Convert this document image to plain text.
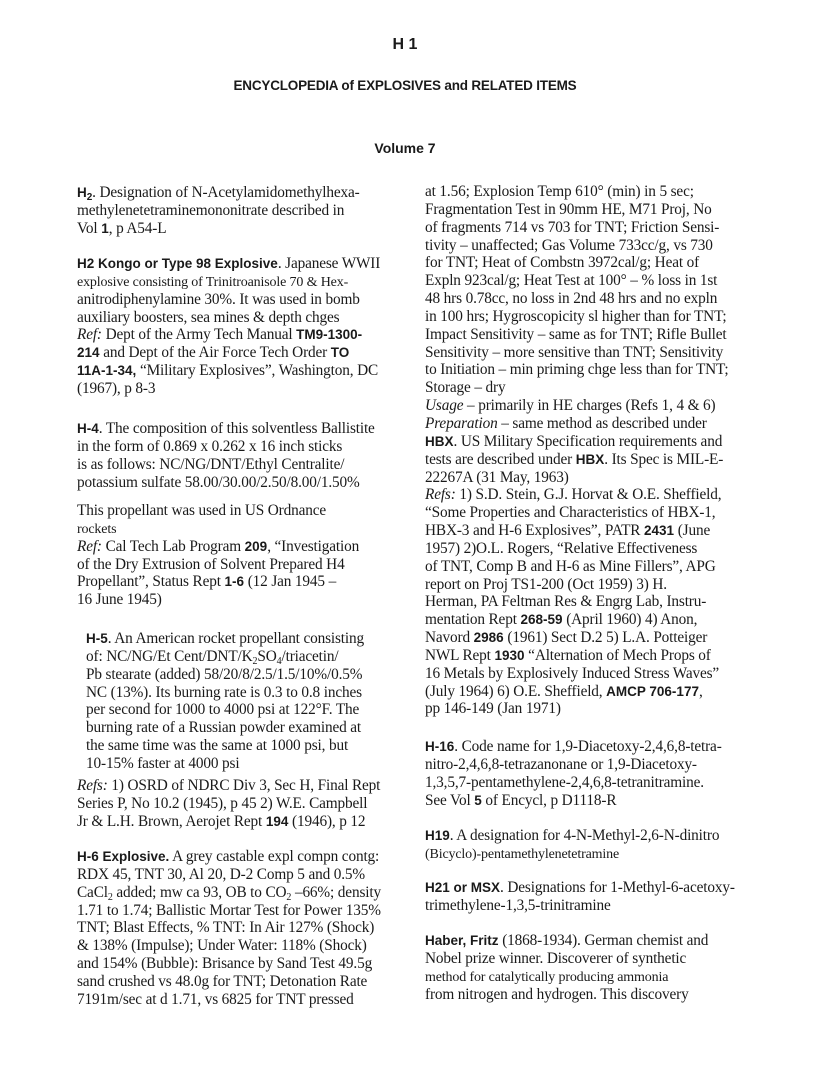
H 1
ENCYCLOPEDIA of EXPLOSIVES and RELATED ITEMS
Volume 7
$H_2$. Designation of N-Acetylamidomethylhexa-
methylenetetraminemononitrate described in
Vol 1, p A54-L
H2 Kongo or Type 98 Explosive. Japanese WWII
explosive consisting of Trinitroanisole 70 & Hex-
anitrodiphenylamine 30%. It was used in bomb
auxiliary boosters, sea mines & depth chges
Ref: Dept of the Army Tech Manual TM9-1300-
214 and Dept of the Air Force Tech Order TO
11A-1-34, “Military Explosives”, Washington, DC
(1967), p 8-3
H-4. The composition of this solventless Ballistite
in the form of 0.869 x 0.262 x 16 inch sticks
is as follows: NC/NG/DNT/Ethyl Centralite/
potassium sulfate 58.00/30.00/2.50/8.00/1.50%
This propellant was used in US Ordnance
rockets
Ref: Cal Tech Lab Program 209, “Investigation
of the Dry Extrusion of Solvent Prepared H4
Propellant”, Status Rept 1-6 (12 Jan 1945 –
16 June 1945)
H-5. An American rocket propellant consisting
of: NC/NG/Et Cent/DNT/K2SO4/triacetin/
Pb stearate (added) 58/20/8/2.5/1.5/10%/0.5%
NC (13%). Its burning rate is 0.3 to 0.8 inches
per second for 1000 to 4000 psi at 122°F. The
burning rate of a Russian powder examined at
the same time was the same at 1000 psi, but
10-15% faster at 4000 psi
Refs: 1) OSRD of NDRC Div 3, Sec H, Final Rept
Series P, No 10.2 (1945), p 45 2) W.E. Campbell
Jr & L.H. Brown, Aerojet Rept 194 (1946), p 12
H-6 Explosive. A grey castable expl compn contg:
RDX 45, TNT 30, Al 20, D-2 Comp 5 and 0.5%
CaCl2 added; mw ca 93, OB to CO2 –66%; density
1.71 to 1.74; Ballistic Mortar Test for Power 135%
TNT; Blast Effects, % TNT: In Air 127% (Shock)
& 138% (Impulse); Under Water: 118% (Shock)
and 154% (Bubble): Brisance by Sand Test 49.5g
sand crushed vs 48.0g for TNT; Detonation Rate
7191m/sec at d 1.71, vs 6825 for TNT pressed
at 1.56; Explosion Temp 610° (min) in 5 sec;
Fragmentation Test in 90mm HE, M71 Proj, No
of fragments 714 vs 703 for TNT; Friction Sensi-
tivity – unaffected; Gas Volume 733cc/g, vs 730
for TNT; Heat of Combstn 3972cal/g; Heat of
Expln 923cal/g; Heat Test at 100° – % loss in 1st
48 hrs 0.78cc, no loss in 2nd 48 hrs and no expln
in 100 hrs; Hygroscopicity sl higher than for TNT;
Impact Sensitivity – same as for TNT; Rifle Bullet
Sensitivity – more sensitive than TNT; Sensitivity
to Initiation – min priming chge less than for TNT;
Storage – dry
Usage – primarily in HE charges (Refs 1, 4 & 6)
Preparation – same method as described under
HBX. US Military Specification requirements and
tests are described under HBX. Its Spec is MIL-E-
22267A (31 May, 1963)
Refs: 1) S.D. Stein, G.J. Horvat & O.E. Sheffield,
“Some Properties and Characteristics of HBX-1,
HBX-3 and H-6 Explosives”, PATR 2431 (June
1957) 2)O.L. Rogers, “Relative Effectiveness
of TNT, Comp B and H-6 as Mine Fillers”, APG
report on Proj TS1-200 (Oct 1959) 3) H.
Herman, PA Feltman Res & Engrg Lab, Instru-
mentation Rept 268-59 (April 1960) 4) Anon,
Navord 2986 (1961) Sect D.2 5) L.A. Potteiger
NWL Rept 1930 “Alternation of Mech Props of
16 Metals by Explosively Induced Stress Waves”
(July 1964) 6) O.E. Sheffield, AMCP 706-177,
pp 146-149 (Jan 1971)
H-16. Code name for 1,9-Diacetoxy-2,4,6,8-tetra-
nitro-2,4,6,8-tetrazanonane or 1,9-Diacetoxy-
1,3,5,7-pentamethylene-2,4,6,8-tetranitramine.
See Vol 5 of Encycl, p D1118-R
H19. A designation for 4-N-Methyl-2,6-N-dinitro
(Bicyclo)-pentamethylenetetramine
H21 or MSX. Designations for 1-Methyl-6-acetoxy-
trimethylene-1,3,5-trinitramine
Haber, Fritz (1868-1934). German chemist and
Nobel prize winner. Discoverer of synthetic
method for catalytically producing ammonia
from nitrogen and hydrogen. This discovery
